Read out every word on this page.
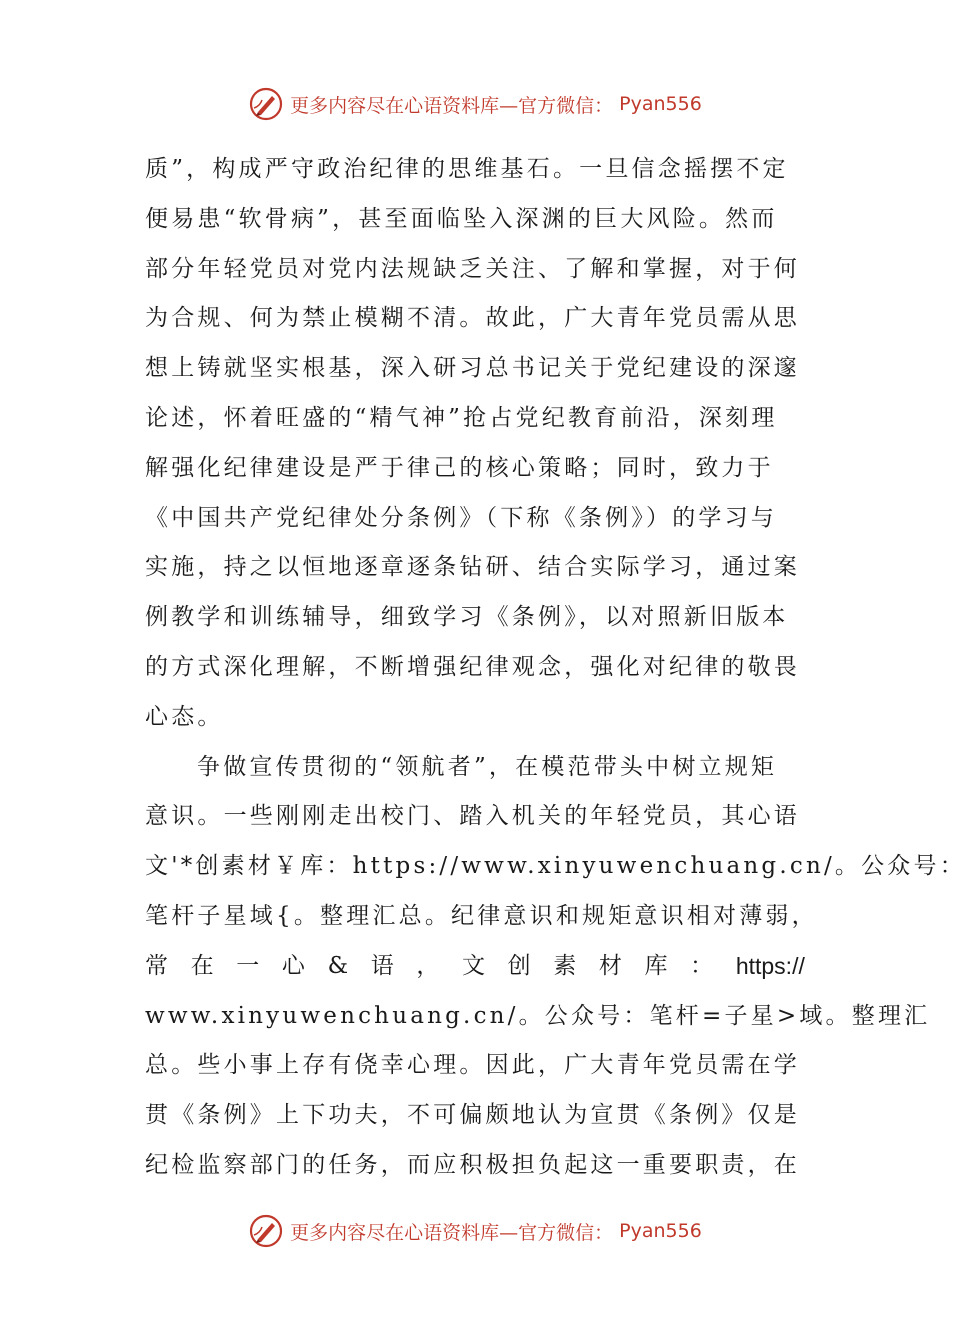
更多内容尽在心语资料库—官方微信： Pyan556
质”，构成严守政治纪律的思维基石。一旦信念摇摆不定
便易患“软骨病”，甚至面临坠入深渊的巨大风险。然而
部分年轻党员对党内法规缺乏关注、了解和掌握，对于何
为合规、何为禁止模糊不清。故此，广大青年党员需从思
想上铸就坚实根基，深入研习总书记关于党纪建设的深邃
论述，怀着旺盛的“精气神”抢占党纪教育前沿，深刻理
解强化纪律建设是严于律己的核心策略；同时，致力于
《中国共产党纪律处分条例》（下称《条例》）的学习与
实施，持之以恒地逐章逐条钻研、结合实际学习，通过案
例教学和训练辅导，细致学习《条例》，以对照新旧版本
的方式深化理解，不断增强纪律观念，强化对纪律的敬畏
心态。
争做宣传贯彻的“领航者”，在模范带头中树立规矩
意识。一些刚刚走出校门、踏入机关的年轻党员，其心语
文'*创素材￥库：https://www.xinyuwenchuang.cn/。公众号：
笔杆子星域{。整理汇总。纪律意识和规矩意识相对薄弱，
常 在 一 心 & 语 ， 文 创 素 材 库 ： https://
www.xinyuwenchuang.cn/。公众号：笔杆=子星>域。整理汇
总。些小事上存有侥幸心理。因此，广大青年党员需在学
贯《条例》上下功夫，不可偏颇地认为宣贯《条例》仅是
纪检监察部门的任务，而应积极担负起这一重要职责，在
更多内容尽在心语资料库—官方微信： Pyan556
